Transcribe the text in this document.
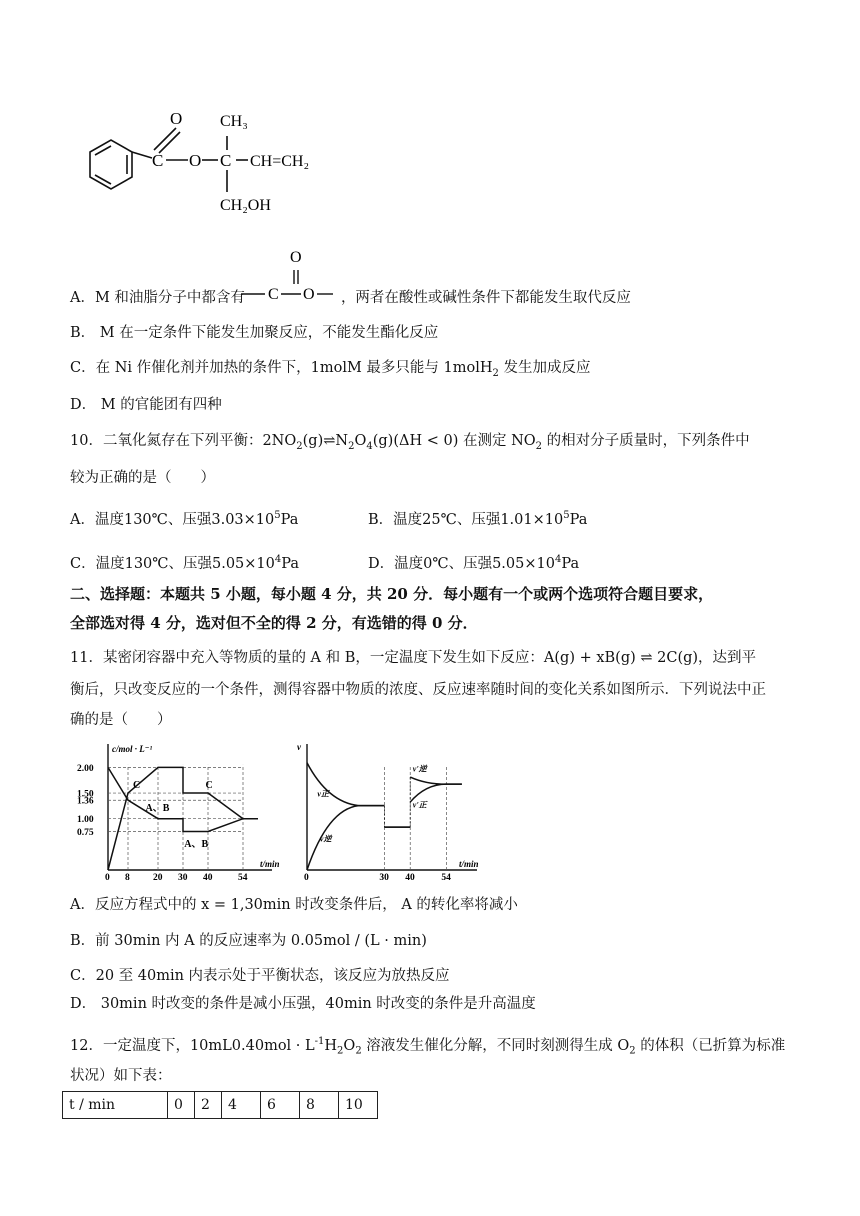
O
C O C
CH₃
CH=CH₂
CH₂OH
A．M 和油脂分子中都含有	，两者在酸性或碱性条件下都能发生取代反应
O
C O
B． M 在一定条件下能发生加聚反应，不能发生酯化反应
C．在 Ni 作催化剂并加热的条件下，1molM 最多只能与 1molH$_2$ 发生加成反应
D． M 的官能团有四种
10．二氧化氮存在下列平衡：$2NO_2(g)\rightleftharpoons N_2O_4(g)(\Delta H < 0)$ 在测定 $NO_2$ 的相对分子质量时，下列条件中
较为正确的是（　　）
A．温度130℃、压强$3.03\times 10^5Pa$	B．温度25℃、压强$1.01\times 10^5Pa$
C．温度130℃、压强$5.05\times 10^4Pa$	D．温度0℃、压强$5.05\times 10^4Pa$
二、选择题：本题共 5 小题，每小题 4 分，共 20 分．每小题有一个或两个选项符合题目要求，
全部选对得 4 分，选对但不全的得 2 分，有选错的得 0 分．
11．某密闭容器中充入等物质的量的 A 和 B，一定温度下发生如下反应：A(g) + xB(g) ⇌ 2C(g)，达到平
衡后，只改变反应的一个条件，测得容器中物质的浓度、反应速率随时间的变化关系如图所示．下列说法中正
确的是（　　）
c/mol · L⁻¹
t/min
2.00
1.50
1.36
1.00
0.75
0 8 20 30 40	54
C
A、B
C
A、B
v
t/min
0	30 40	54
v正
v逆
v'逆
v'正
A．反应方程式中的 x = 1,30min 时改变条件后， A 的转化率将减小
B．前 30min 内 A 的反应速率为 0.05mol / (L · min)
C．20 至 40min 内表示处于平衡状态，该反应为放热反应
D． 30min 时改变的条件是减小压强，40min 时改变的条件是升高温度
12．一定温度下，$10mL0.40mol \cdot L^{-1}H_2O_2$ 溶液发生催化分解，不同时刻测得生成 $O_2$ 的体积（已折算为标准
状况）如下表：
t / min	0	2	4	6	8	10
